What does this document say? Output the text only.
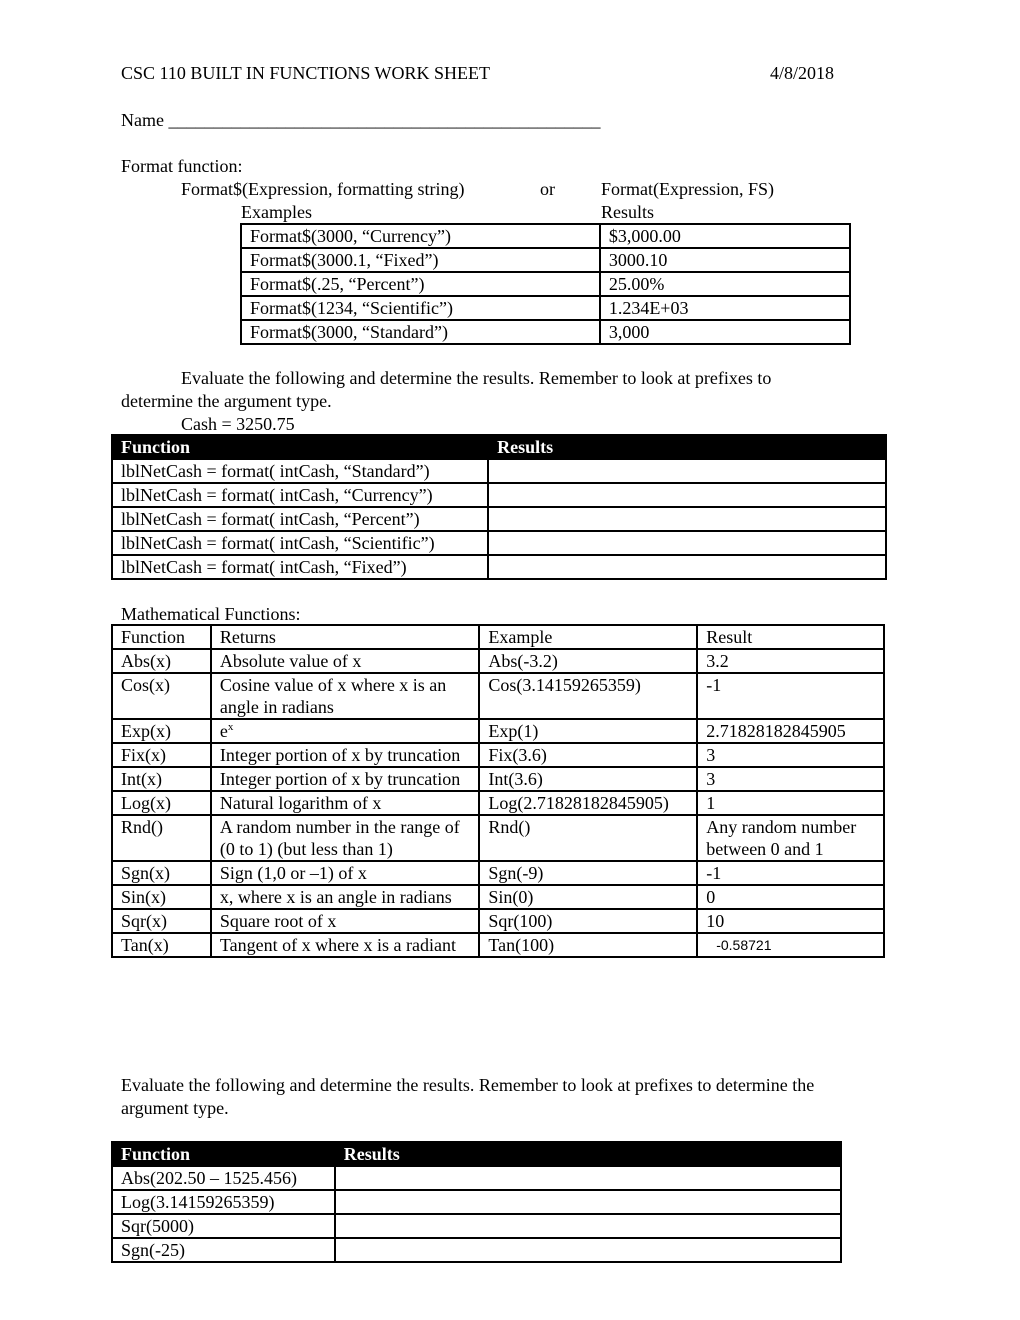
CSC 110 BUILT IN FUNCTIONS WORK SHEET	4/8/2018
Name ________________________________________________
Format function:
Format$(Expression, formatting string)	or	Format(Expression, FS)
Examples	Results
Format$(3000, “Currency”)	$3,000.00
Format$(3000.1, “Fixed”)	3000.10
Format$(.25, “Percent”)	25.00%
Format$(1234, “Scientific”)	1.234E+03
Format$(3000, “Standard”)	3,000
Evaluate the following and determine the results. Remember to look at prefixes to
determine the argument type.
Cash = 3250.75
Function	Results
lblNetCash = format( intCash, “Standard”)	
lblNetCash = format( intCash, “Currency”)	
lblNetCash = format( intCash, “Percent”)	
lblNetCash = format( intCash, “Scientific”)	
lblNetCash = format( intCash, “Fixed”)	
Mathematical Functions:
Function	Returns	Example	Result
Abs(x)	Absolute value of x	Abs(-3.2)	3.2
Cos(x)	Cosine value of x where x is an angle in radians	Cos(3.14159265359)	-1
Exp(x)	$e^x$	Exp(1)	2.71828182845905
Fix(x)	Integer portion of x by truncation	Fix(3.6)	3
Int(x)	Integer portion of x by truncation	Int(3.6)	3
Log(x)	Natural logarithm of x	Log(2.71828182845905)	1
Rnd()	A random number in the range of (0 to 1) (but less than 1)	Rnd()	Any random number between 0 and 1
Sgn(x)	Sign (1,0 or –1) of x	Sgn(-9)	-1
Sin(x)	x, where x is an angle in radians	Sin(0)	0
Sqr(x)	Square root of x	Sqr(100)	10
Tan(x)	Tangent of x where x is a radiant	Tan(100)	-0.58721
Evaluate the following and determine the results. Remember to look at prefixes to determine the
argument type.
Function	Results
Abs(202.50 – 1525.456)	
Log(3.14159265359)	
Sqr(5000)	
Sgn(-25)	
